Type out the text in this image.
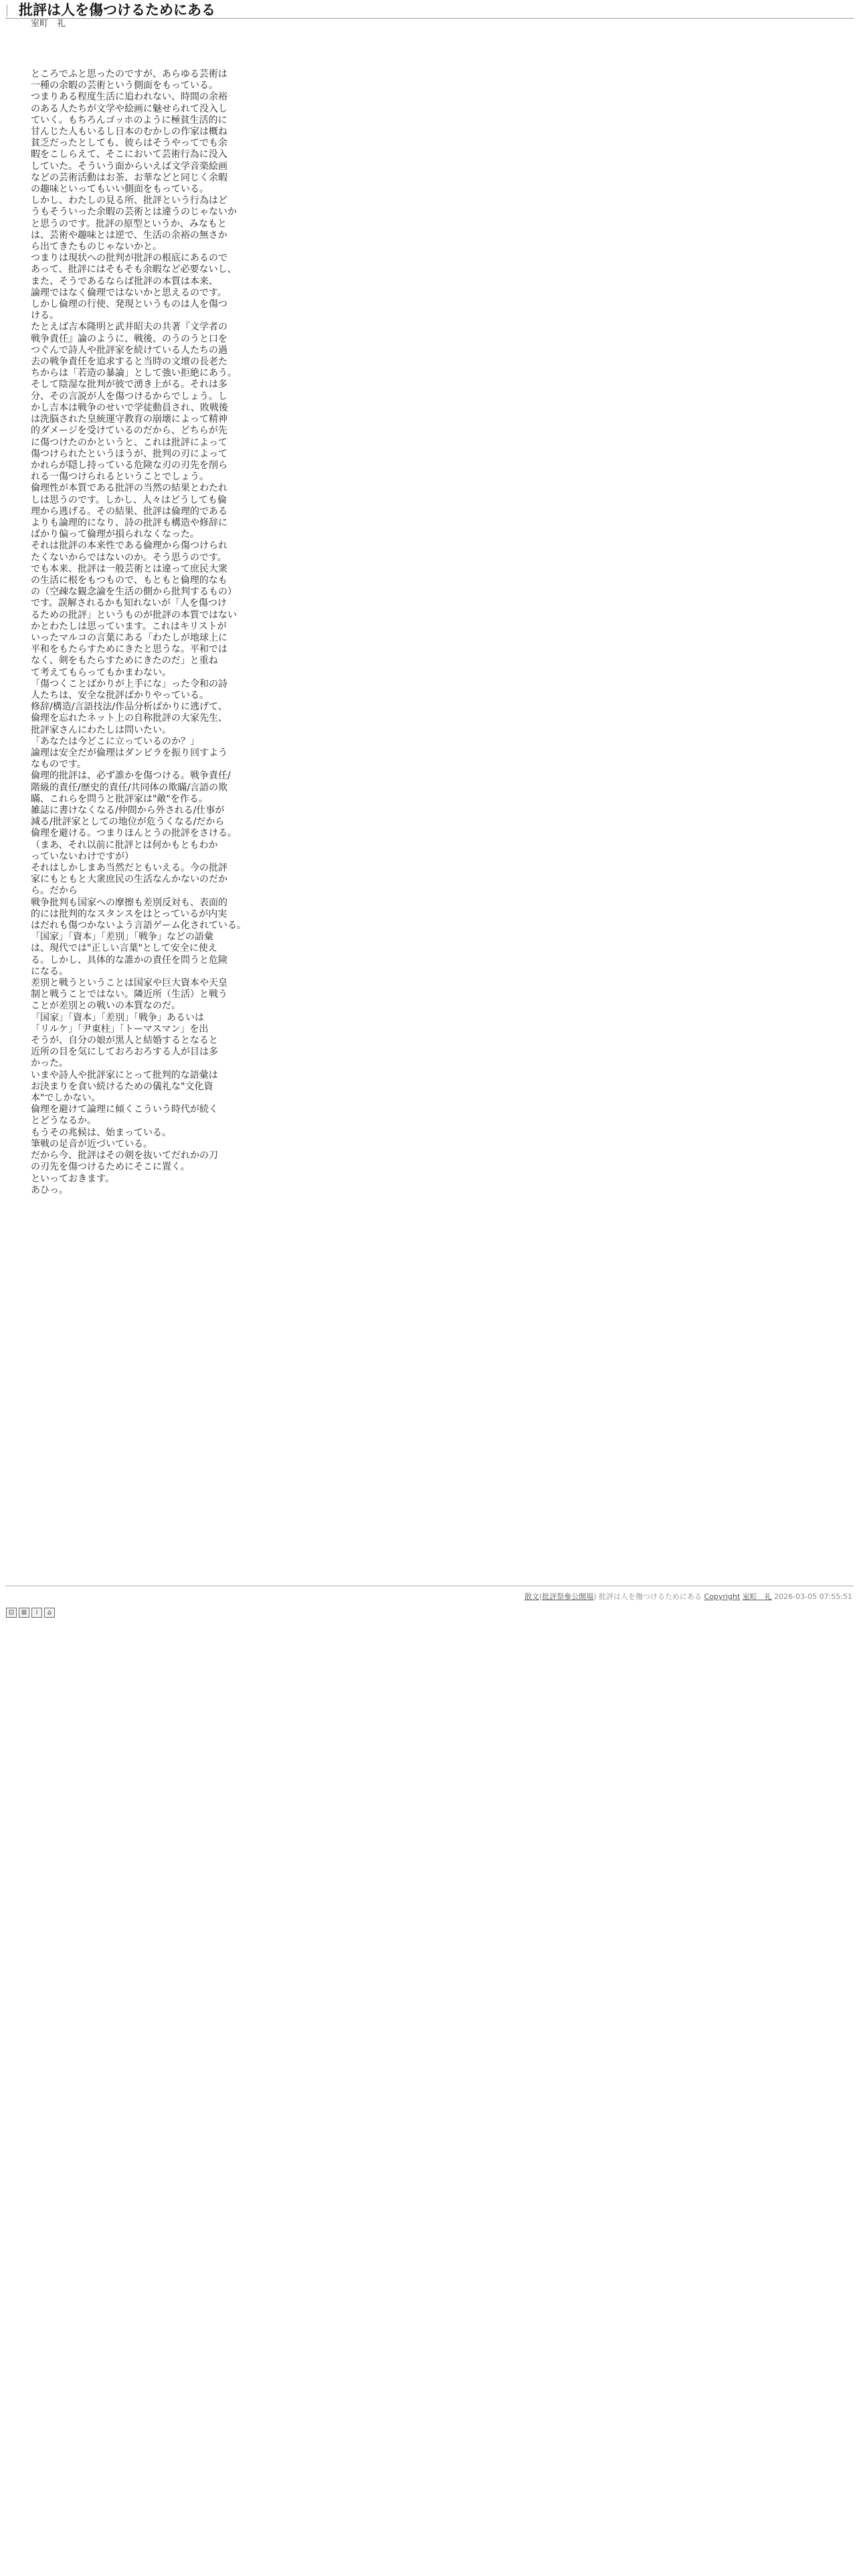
批評は人を傷つけるためにある
室町　礼
ところでふと思ったのですが、あらゆる芸術は
一種の余暇の芸術という側面をもっている。
つまりある程度生活に追われない、時間の余裕
のある人たちが文学や絵画に魅せられて没入し
ていく。もちろんゴッホのように極貧生活的に
甘んじた人もいるし日本のむかしの作家は概ね
貧乏だったとしても、彼らはそうやってでも余
暇をこしらえて、そこにおいて芸術行為に没入
していた。そういう面からいえば文学音楽絵画
などの芸術活動はお茶、お華などと同じく余暇
の趣味といってもいい側面をもっている。
しかし、わたしの見る所、批評という行為はど
うもそういった余暇の芸術とは違うのじゃないか
と思うのです。批評の原型というか、みなもと
は、芸術や趣味とは逆で、生活の余裕の無さか
ら出てきたものじゃないかと。
つまりは現状への批判が批評の根底にあるので
あって、批評にはそもそも余暇など必要ないし、
また、そうであるならば批評の本質は本来、
論理ではなく倫理ではないかと思えるのです。
しかし倫理の行使、発現というものは人を傷つ
ける。
たとえば吉本隆明と武井昭夫の共著『文学者の
戦争責任』論のように、戦後、のうのうと口を
つぐんで詩人や批評家を続けている人たちの過
去の戦争責任を追求すると当時の文壇の長老た
ちからは「若造の暴論」として強い拒絶にあう。
そして陰湿な批判が彼で湧き上がる。それは多
分、その言説が人を傷つけるからでしょう。し
かし吉本は戦争のせいで学徒動員され、敗戦後
は洗脳された皇統運守教育の崩壊によって精神
的ダメージを受けているのだから、どちらが先
に傷つけたのかというと、これは批評によって
傷つけられたというほうが、批判の刃によって
かれらが隠し持っている危険な刃の刃先を削ら
れる一傷つけられるということでしょう。
倫理性が本質である批評の当然の結果とわたれ
しは思うのです。しかし、人々はどうしても倫
理から逃げる。その結果、批評は倫理的である
よりも論理的になり、詩の批評も構造や修辞に
ばかり偏って倫理が損られなくなった。
それは批評の本来性である倫理から傷つけられ
たくないからではないのか。そう思うのです。
でも本来、批評は一般芸術とは違って庶民大衆
の生活に根をもつもので、もともと倫理的なも
の（空疎な観念論を生活の側から批判するもの）
です。誤解されるかも知れないが「人を傷つけ
るための批評」というものが批評の本質ではない
かとわたしは思っています。これはキリストが
いったマルコの言葉にある「わたしが地球上に
平和をもたらすためにきたと思うな。平和では
なく、剣をもたらすためにきたのだ」と重ね
て考えてもらってもかまわない。
「傷つくことばかりが上手にな」った令和の詩
人たちは、安全な批評ばかりやっている。
修辞/構造/言語技法/作品分析ばかりに逃げて、
倫理を忘れたネット上の自称批評の大家先生、
批評家さんにわたしは問いたい。
「あなたは今どこに立っているのか？」
論理は安全だが倫理はダンビラを振り回すよう
なものです。
倫理的批評は、必ず誰かを傷つける。戦争責任/
階級的責任/歴史的責任/共同体の欺瞞/言語の欺
瞞、これらを問うと批評家は"敵"を作る。
雑誌に書けなくなる/仲間から外される/仕事が
減る/批評家としての地位が危うくなる/だから
倫理を避ける。つまりほんとうの批評をさける。
（まあ、それ以前に批評とは何かもともわか
っていないわけですが）
それはしかしまあ当然だともいえる。今の批評
家にもともと大衆庶民の生活なんかないのだか
ら。だから
戦争批判も国家への摩擦も差別反対も、表面的
的には批判的なスタンスをはとっているが内実
はだれも傷つかないよう言語ゲーム化されている。
「国家」「資本」「差別」「戦争」などの語彙
は、現代では"正しい言葉"として安全に使え
る。しかし、具体的な誰かの責任を問うと危険
になる。
差別と戦うということは国家や巨大資本や天皇
制と戦うことではない。隣近所（生活）と戦う
ことが差別との戦いの本質なのだ。
「国家」「資本」「差別」「戦争」あるいは
「リルケ」「尹東柱」「トーマスマン」を出
そうが、自分の娘が黒人と結婚するとなると
近所の目を気にしておろおろする人が目は多
かった。
いまや詩人や批評家にとって批判的な語彙は
お決まりを食い続けるための儀礼な"文化資
本"でしかない。
倫理を避けて論理に傾くこういう時代が続く
とどうなるか。
もうその兆候は、始まっている。
筆戦の足音が近づいている。
だから今、批評はその剣を抜いてだれかの刀
の刃先を傷つけるためにそこに置く。
といっておきます。
あひっ。
散文(批評祭參公開場) 批評は人を傷つけるためにある Copyright 室町　礼 2026-03-05 07:55:51
⊡	⊞	i	⌂
